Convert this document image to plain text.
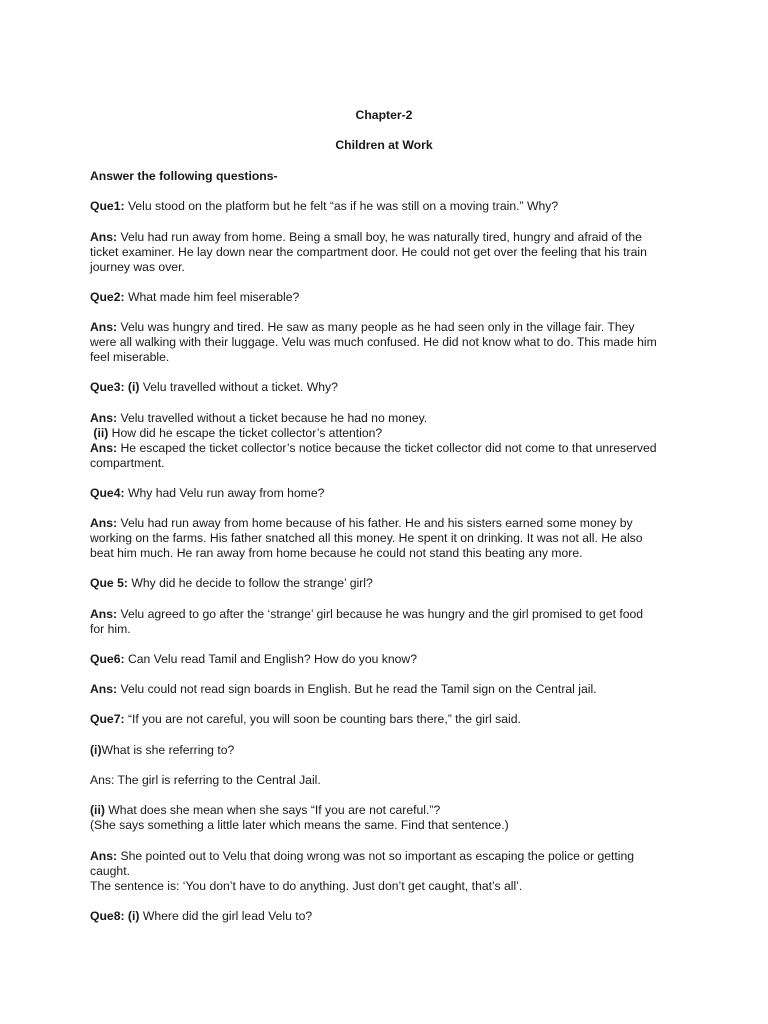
Chapter-2
Children at Work
Answer the following questions-
Que1: Velu stood on the platform but he felt “as if he was still on a moving train.” Why?
Ans: Velu had run away from home. Being a small boy, he was naturally tired, hungry and afraid of the
ticket examiner. He lay down near the compartment door. He could not get over the feeling that his train
journey was over.
Que2: What made him feel miserable?
Ans: Velu was hungry and tired. He saw as many people as he had seen only in the village fair. They
were all walking with their luggage. Velu was much confused. He did not know what to do. This made him
feel miserable.
Que3: (i) Velu travelled without a ticket. Why?
Ans: Velu travelled without a ticket because he had no money.
(ii) How did he escape the ticket collector’s attention?
Ans: He escaped the ticket collector’s notice because the ticket collector did not come to that unreserved
compartment.
Que4: Why had Velu run away from home?
Ans: Velu had run away from home because of his father. He and his sisters earned some money by
working on the farms. His father snatched all this money. He spent it on drinking. It was not all. He also
beat him much. He ran away from home because he could not stand this beating any more.
Que 5: Why did he decide to follow the strange’ girl?
Ans: Velu agreed to go after the ‘strange’ girl because he was hungry and the girl promised to get food
for him.
Que6: Can Velu read Tamil and English? How do you know?
Ans: Velu could not read sign boards in English. But he read the Tamil sign on the Central jail.
Que7: “If you are not careful, you will soon be counting bars there,” the girl said.
(i)What is she referring to?
Ans: The girl is referring to the Central Jail.
(ii) What does she mean when she says “If you are not careful.”?
(She says something a little later which means the same. Find that sentence.)
Ans: She pointed out to Velu that doing wrong was not so important as escaping the police or getting
caught.
The sentence is: ‘You don’t have to do anything. Just don’t get caught, that’s all’.
Que8: (i) Where did the girl lead Velu to?
